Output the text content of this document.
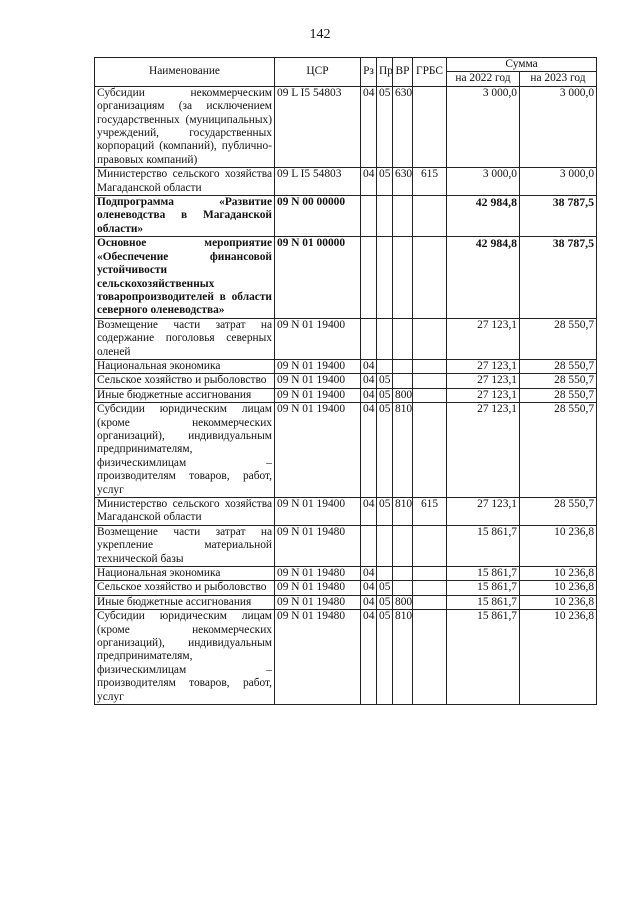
142
Наименование	ЦСР	Рз	Пр	ВР	ГРБС	Сумма	
						на 2022 год	на 2023 год
Субсидии некоммерческим организациям (за исключением государственных (муниципальных) учреждений, государственных корпораций (компаний), публично-правовых компаний)	09 L I5 54803	04	05	630		3 000,0	3 000,0
Министерство сельского хозяйства Магаданской области	09 L I5 54803	04	05	630	615	3 000,0	3 000,0
Подпрограмма «Развитие оленеводства в Магаданской области»	09 N 00 00000					42 984,8	38 787,5
Основное мероприятие «Обеспечение финансовой устойчивости сельскохозяйственных товаропроизводителей в области северного оленеводства»	09 N 01 00000					42 984,8	38 787,5
Возмещение части затрат на содержание поголовья северных оленей	09 N 01 19400					27 123,1	28 550,7
Национальная экономика	09 N 01 19400	04				27 123,1	28 550,7
Сельское хозяйство и рыболовство	09 N 01 19400	04	05			27 123,1	28 550,7
Иные бюджетные ассигнования	09 N 01 19400	04	05	800		27 123,1	28 550,7
Субсидии юридическим лицам (кроме некоммерческих организаций), индивидуальным предпринимателям, физическимлицам – производителям товаров, работ, услуг	09 N 01 19400	04	05	810		27 123,1	28 550,7
Министерство сельского хозяйства Магаданской области	09 N 01 19400	04	05	810	615	27 123,1	28 550,7
Возмещение части затрат на укрепление материальной технической базы	09 N 01 19480					15 861,7	10 236,8
Национальная экономика	09 N 01 19480	04				15 861,7	10 236,8
Сельское хозяйство и рыболовство	09 N 01 19480	04	05			15 861,7	10 236,8
Иные бюджетные ассигнования	09 N 01 19480	04	05	800		15 861,7	10 236,8
Субсидии юридическим лицам (кроме некоммерческих организаций), индивидуальным предпринимателям, физическимлицам – производителям товаров, работ, услуг	09 N 01 19480	04	05	810		15 861,7	10 236,8
